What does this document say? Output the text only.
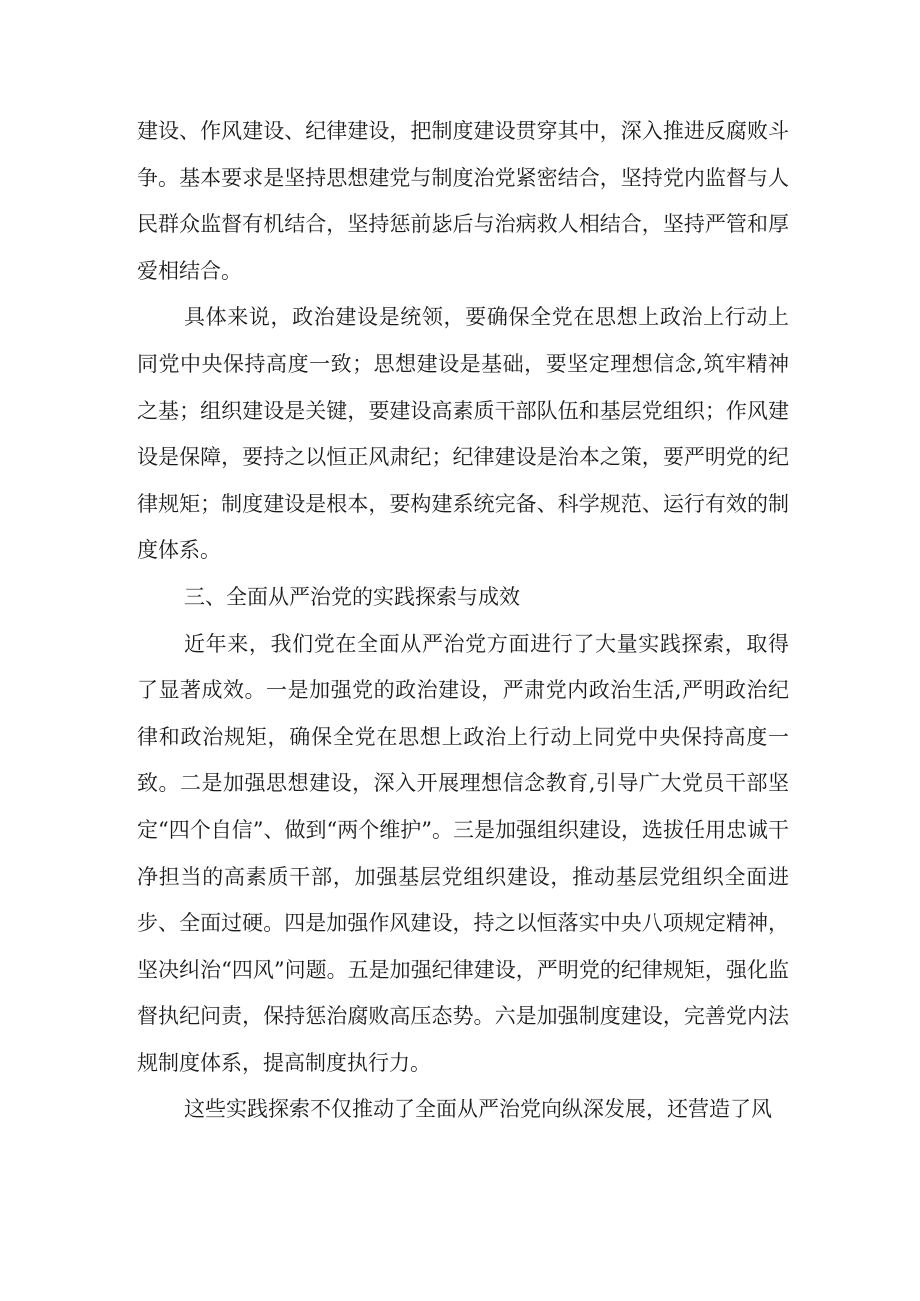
建设、作风建设、纪律建设，把制度建设贯穿其中，深入推进反腐败斗争。基本要求是坚持思想建党与制度治党紧密结合，坚持党内监督与人民群众监督有机结合，坚持惩前毖后与治病救人相结合，坚持严管和厚爱相结合。

具体来说，政治建设是统领，要确保全党在思想上政治上行动上同党中央保持高度一致；思想建设是基础，要坚定理想信念,筑牢精神之基；组织建设是关键，要建设高素质干部队伍和基层党组织；作风建设是保障，要持之以恒正风肃纪；纪律建设是治本之策，要严明党的纪律规矩；制度建设是根本，要构建系统完备、科学规范、运行有效的制度体系。

三、全面从严治党的实践探索与成效

近年来，我们党在全面从严治党方面进行了大量实践探索，取得了显著成效。一是加强党的政治建设，严肃党内政治生活,严明政治纪律和政治规矩，确保全党在思想上政治上行动上同党中央保持高度一致。二是加强思想建设，深入开展理想信念教育,引导广大党员干部坚定“四个自信”、做到“两个维护”。三是加强组织建设，选拔任用忠诚干净担当的高素质干部，加强基层党组织建设，推动基层党组织全面进步、全面过硬。四是加强作风建设，持之以恒落实中央八项规定精神，坚决纠治“四风”问题。五是加强纪律建设，严明党的纪律规矩，强化监督执纪问责，保持惩治腐败高压态势。六是加强制度建设，完善党内法规制度体系，提高制度执行力。

这些实践探索不仅推动了全面从严治党向纵深发展，还营造了风
